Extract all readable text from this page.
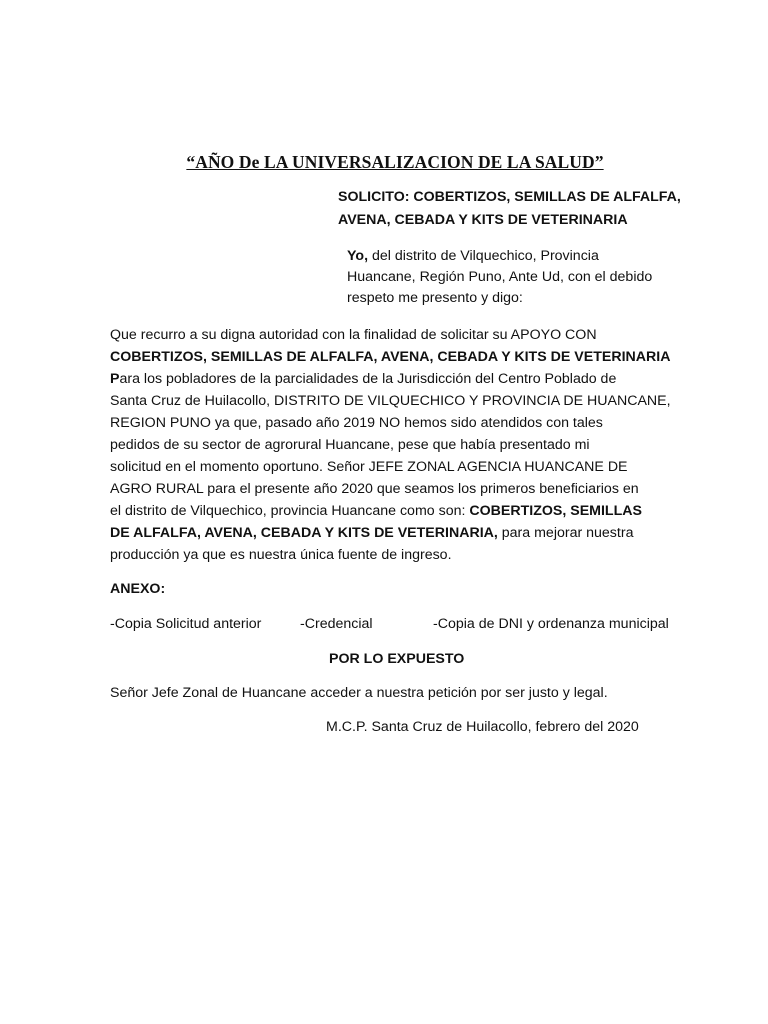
“AÑO De LA UNIVERSALIZACION DE LA SALUD”
SOLICITO: COBERTIZOS, SEMILLAS DE ALFALFA,
AVENA, CEBADA Y KITS DE VETERINARIA
Yo, del distrito de Vilquechico, Provincia
Huancane, Región Puno, Ante Ud, con el debido
respeto me presento y digo:
Que recurro a su digna autoridad con la finalidad de solicitar su APOYO CON
COBERTIZOS, SEMILLAS DE ALFALFA, AVENA, CEBADA Y KITS DE VETERINARIA
Para los pobladores de la parcialidades de la Jurisdicción del Centro Poblado de
Santa Cruz de Huilacollo, DISTRITO DE VILQUECHICO Y PROVINCIA DE HUANCANE,
REGION PUNO ya que, pasado año 2019 NO hemos sido atendidos con tales
pedidos de su sector de agrorural Huancane, pese que había presentado mi
solicitud en el momento oportuno. Señor JEFE ZONAL AGENCIA HUANCANE DE
AGRO RURAL para el presente año 2020 que seamos los primeros beneficiarios en
el distrito de Vilquechico, provincia Huancane como son: COBERTIZOS, SEMILLAS
DE ALFALFA, AVENA, CEBADA Y KITS DE VETERINARIA, para mejorar nuestra
producción ya que es nuestra única fuente de ingreso.
ANEXO:
-Copia Solicitud anterior	-Credencial	-Copia de DNI y ordenanza municipal
POR LO EXPUESTO
Señor Jefe Zonal de Huancane acceder a nuestra petición por ser justo y legal.
M.C.P. Santa Cruz de Huilacollo, febrero del 2020
